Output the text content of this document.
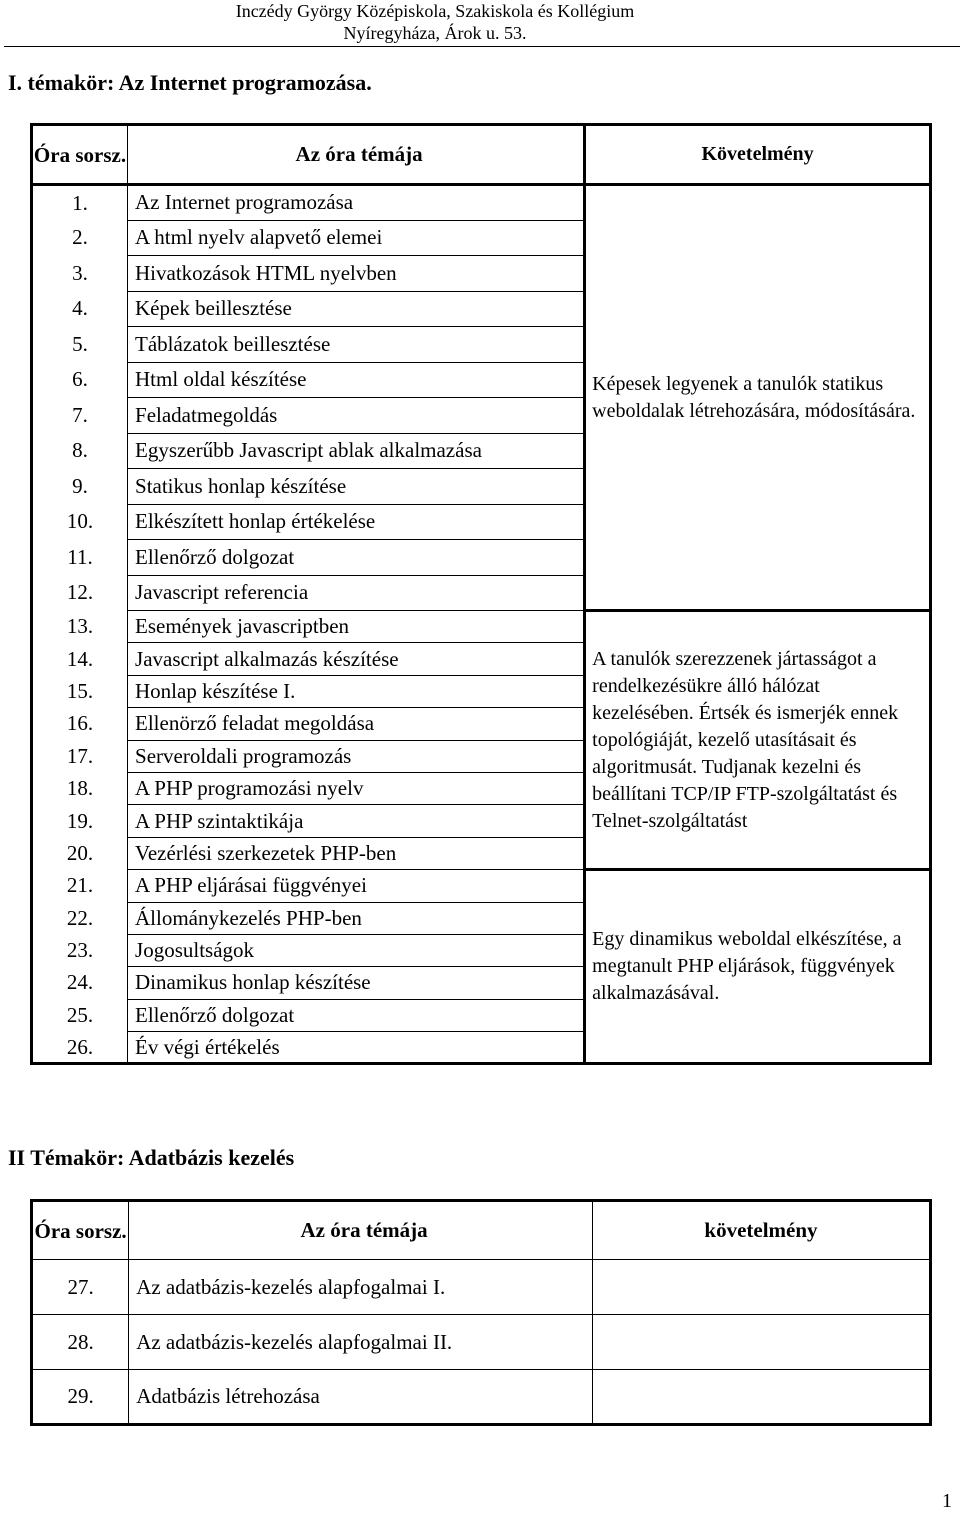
Inczédy György Középiskola, Szakiskola és Kollégium
Nyíregyháza, Árok u. 53.
I. témakör: Az Internet programozása.
Óra sorsz.	Az óra témája	Követelmény
1.	Az Internet programozása	Képesek legyenek a tanulók statikus weboldalak létrehozására, módosítására.
2.	A html nyelv alapvető elemei	
3.	Hivatkozások HTML nyelvben	
4.	Képek beillesztése	
5.	Táblázatok beillesztése	
6.	Html oldal készítése	
7.	Feladatmegoldás	
8.	Egyszerűbb Javascript ablak alkalmazása	
9.	Statikus honlap készítése	
10.	Elkészített honlap értékelése	
11.	Ellenőrző dolgozat	
12.	Javascript referencia	
13.	Események javascriptben	A tanulók szerezzenek jártasságot a rendelkezésükre álló hálózat kezelésében. Értsék és ismerjék ennek topológiáját, kezelő utasításait és algoritmusát. Tudjanak kezelni és beállítani TCP/IP FTP-szolgáltatást és Telnet-szolgáltatást
14.	Javascript alkalmazás készítése	
15.	Honlap készítése I.	
16.	Ellenörző feladat megoldása	
17.	Serveroldali programozás	
18.	A PHP programozási nyelv	
19.	A PHP szintaktikája	
20.	Vezérlési szerkezetek PHP-ben	
21.	A PHP eljárásai függvényei	Egy dinamikus weboldal elkészítése, a megtanult PHP eljárások, függvények alkalmazásával.
22.	Állománykezelés PHP-ben	
23.	Jogosultságok	
24.	Dinamikus honlap készítése	
25.	Ellenőrző dolgozat	
26.	Év végi értékelés	
II Témakör: Adatbázis kezelés
Óra sorsz.	Az óra témája	követelmény
27.	Az adatbázis-kezelés alapfogalmai I.	
28.	Az adatbázis-kezelés alapfogalmai II.	
29.	Adatbázis létrehozása	
1
